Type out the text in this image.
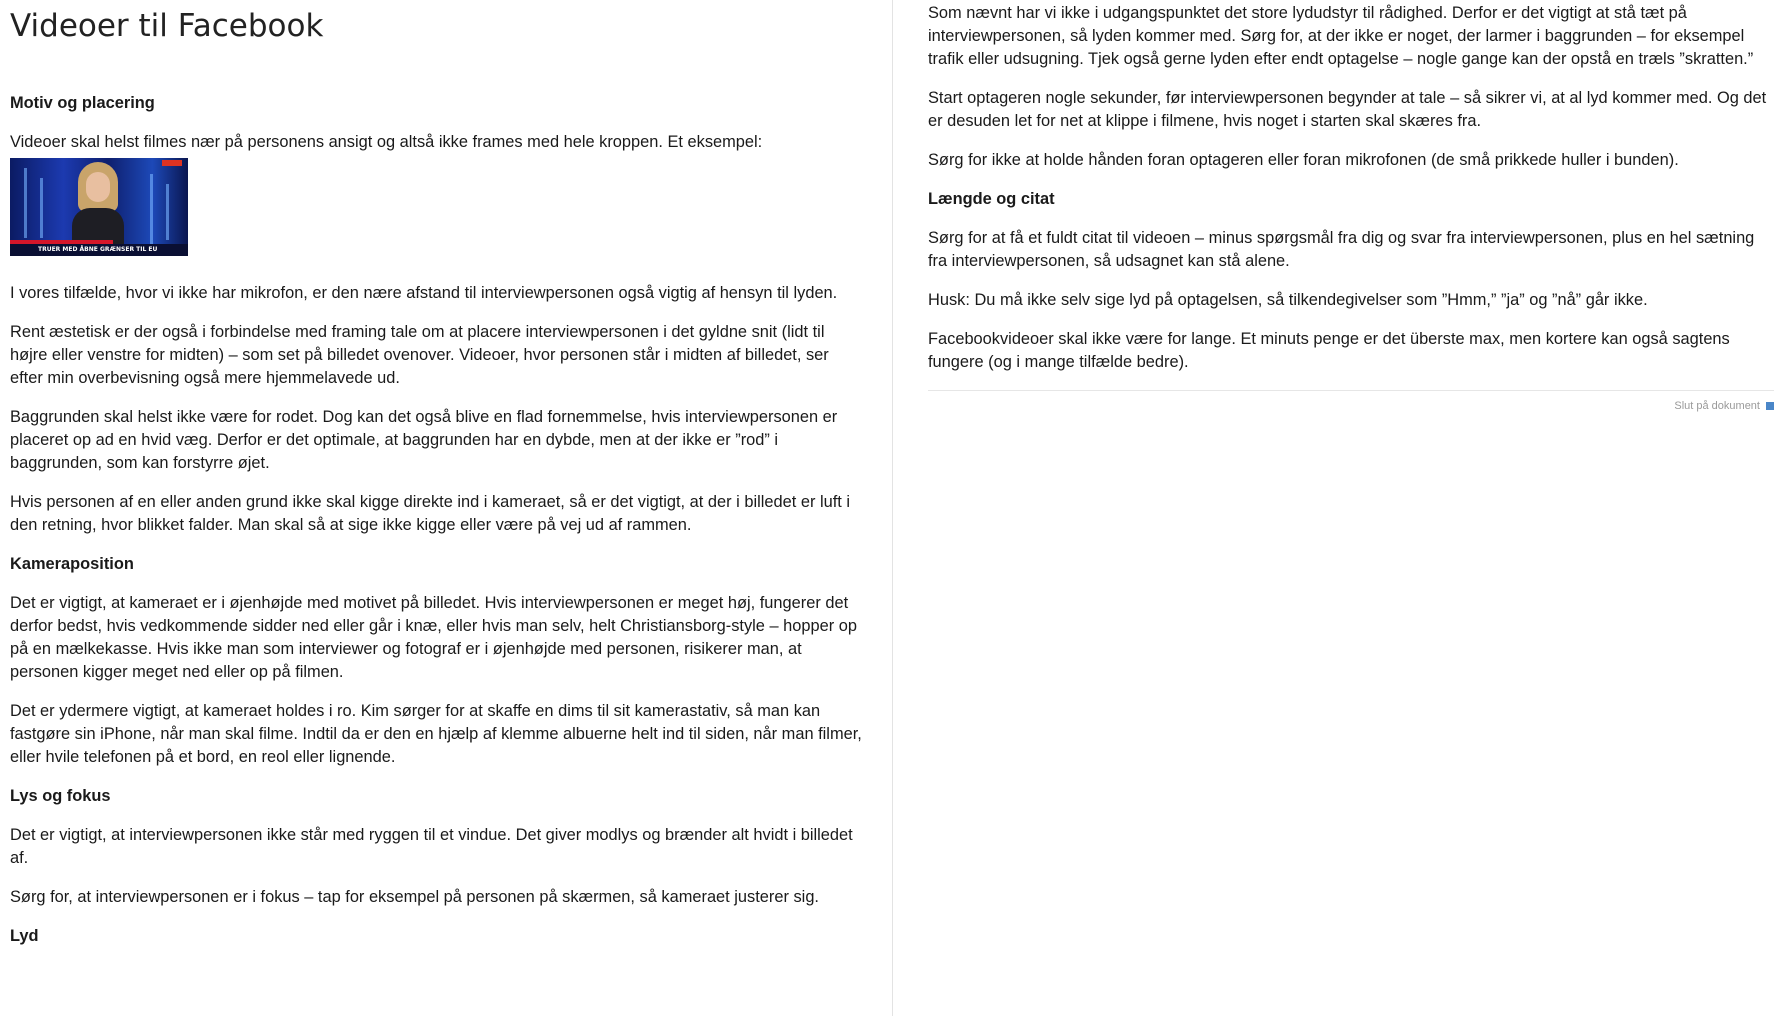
Videoer til Facebook
Motiv og placering

Videoer skal helst filmes nær på personens ansigt og altså ikke frames med hele kroppen. Et eksempel:

TRUER MED ÅBNE GRÆNSER TIL EU

I vores tilfælde, hvor vi ikke har mikrofon, er den nære afstand til interviewpersonen også vigtig af hensyn til lyden.

Rent æstetisk er der også i forbindelse med framing tale om at placere interviewpersonen i det gyldne snit (lidt til højre eller venstre for midten) – som set på billedet ovenover. Videoer, hvor personen står i midten af billedet, ser efter min overbevisning også mere hjemmelavede ud.

Baggrunden skal helst ikke være for rodet. Dog kan det også blive en flad fornemmelse, hvis interviewpersonen er placeret op ad en hvid væg. Derfor er det optimale, at baggrunden har en dybde, men at der ikke er ”rod” i baggrunden, som kan forstyrre øjet.

Hvis personen af en eller anden grund ikke skal kigge direkte ind i kameraet, så er det vigtigt, at der i billedet er luft i den retning, hvor blikket falder. Man skal så at sige ikke kigge eller være på vej ud af rammen.

Kameraposition

Det er vigtigt, at kameraet er i øjenhøjde med motivet på billedet. Hvis interviewpersonen er meget høj, fungerer det derfor bedst, hvis vedkommende sidder ned eller går i knæ, eller hvis man selv, helt Christiansborg-style – hopper op på en mælkekasse. Hvis ikke man som interviewer og fotograf er i øjenhøjde med personen, risikerer man, at personen kigger meget ned eller op på filmen.

Det er ydermere vigtigt, at kameraet holdes i ro. Kim sørger for at skaffe en dims til sit kamerastativ, så man kan fastgøre sin iPhone, når man skal filme. Indtil da er den en hjælp af klemme albuerne helt ind til siden, når man filmer, eller hvile telefonen på et bord, en reol eller lignende.

Lys og fokus

Det er vigtigt, at interviewpersonen ikke står med ryggen til et vindue. Det giver modlys og brænder alt hvidt i billedet af.

Sørg for, at interviewpersonen er i fokus – tap for eksempel på personen på skærmen, så kameraet justerer sig.

Lyd

Som nævnt har vi ikke i udgangspunktet det store lydudstyr til rådighed. Derfor er det vigtigt at stå tæt på interviewpersonen, så lyden kommer med. Sørg for, at der ikke er noget, der larmer i baggrunden – for eksempel trafik eller udsugning. Tjek også gerne lyden efter endt optagelse – nogle gange kan der opstå en træls ”skratten.”

Start optageren nogle sekunder, før interviewpersonen begynder at tale – så sikrer vi, at al lyd kommer med. Og det er desuden let for net at klippe i filmene, hvis noget i starten skal skæres fra.

Sørg for ikke at holde hånden foran optageren eller foran mikrofonen (de små prikkede huller i bunden).

Længde og citat

Sørg for at få et fuldt citat til videoen – minus spørgsmål fra dig og svar fra interviewpersonen, plus en hel sætning fra interviewpersonen, så udsagnet kan stå alene.

Husk: Du må ikke selv sige lyd på optagelsen, så tilkendegivelser som ”Hmm,” ”ja” og ”nå” går ikke.

Facebookvideoer skal ikke være for lange. Et minuts penge er det überste max, men kortere kan også sagtens fungere (og i mange tilfælde bedre).

Slut på dokument
